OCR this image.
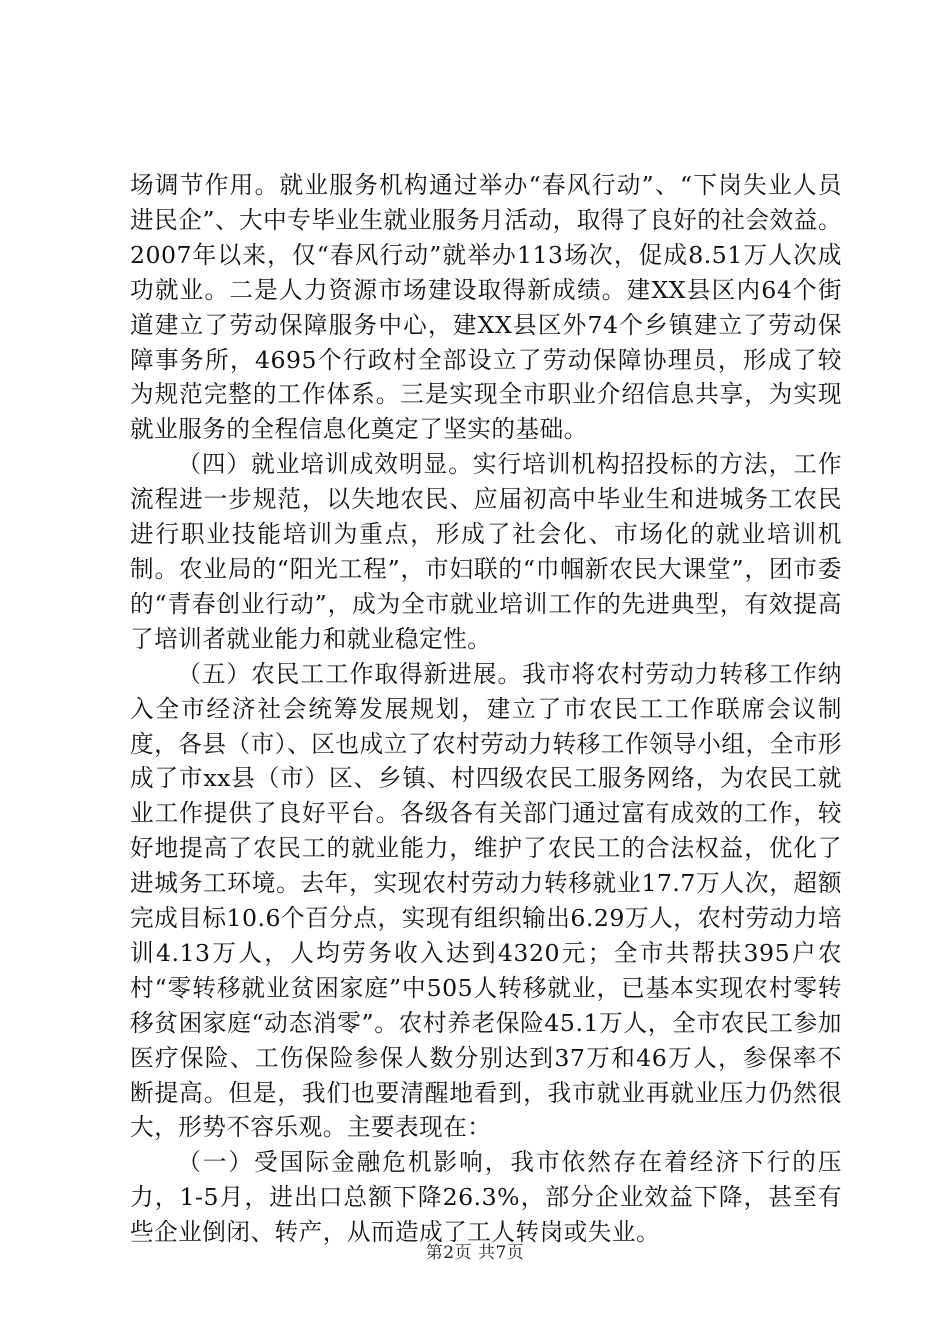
场调节作用。就业服务机构通过举办“春风行动”、“下岗失业人员进民企”、大中专毕业生就业服务月活动，取得了良好的社会效益。2007年以来，仅“春风行动”就举办113场次，促成8.51万人次成功就业。二是人力资源市场建设取得新成绩。建XX县区内64个街道建立了劳动保障服务中心，建XX县区外74个乡镇建立了劳动保障事务所，4695个行政村全部设立了劳动保障协理员，形成了较为规范完整的工作体系。三是实现全市职业介绍信息共享，为实现就业服务的全程信息化奠定了坚实的基础。

（四）就业培训成效明显。实行培训机构招投标的方法，工作流程进一步规范，以失地农民、应届初高中毕业生和进城务工农民进行职业技能培训为重点，形成了社会化、市场化的就业培训机制。农业局的“阳光工程”，市妇联的“巾帼新农民大课堂”，团市委的“青春创业行动”，成为全市就业培训工作的先进典型，有效提高了培训者就业能力和就业稳定性。

（五）农民工工作取得新进展。我市将农村劳动力转移工作纳入全市经济社会统筹发展规划，建立了市农民工工作联席会议制度，各县（市）、区也成立了农村劳动力转移工作领导小组，全市形成了市xx县（市）区、乡镇、村四级农民工服务网络，为农民工就业工作提供了良好平台。各级各有关部门通过富有成效的工作，较好地提高了农民工的就业能力，维护了农民工的合法权益，优化了进城务工环境。去年，实现农村劳动力转移就业17.7万人次，超额完成目标10.6个百分点，实现有组织输出6.29万人，农村劳动力培训4.13万人，人均劳务收入达到4320元；全市共帮扶395户农村“零转移就业贫困家庭”中505人转移就业，已基本实现农村零转移贫困家庭“动态消零”。农村养老保险45.1万人，全市农民工参加医疗保险、工伤保险参保人数分别达到37万和46万人，参保率不断提高。但是，我们也要清醒地看到，我市就业再就业压力仍然很大，形势不容乐观。主要表现在：

（一）受国际金融危机影响，我市依然存在着经济下行的压力，1-5月，进出口总额下降26.3%，部分企业效益下降，甚至有些企业倒闭、转产，从而造成了工人转岗或失业。

第2页 共7页
